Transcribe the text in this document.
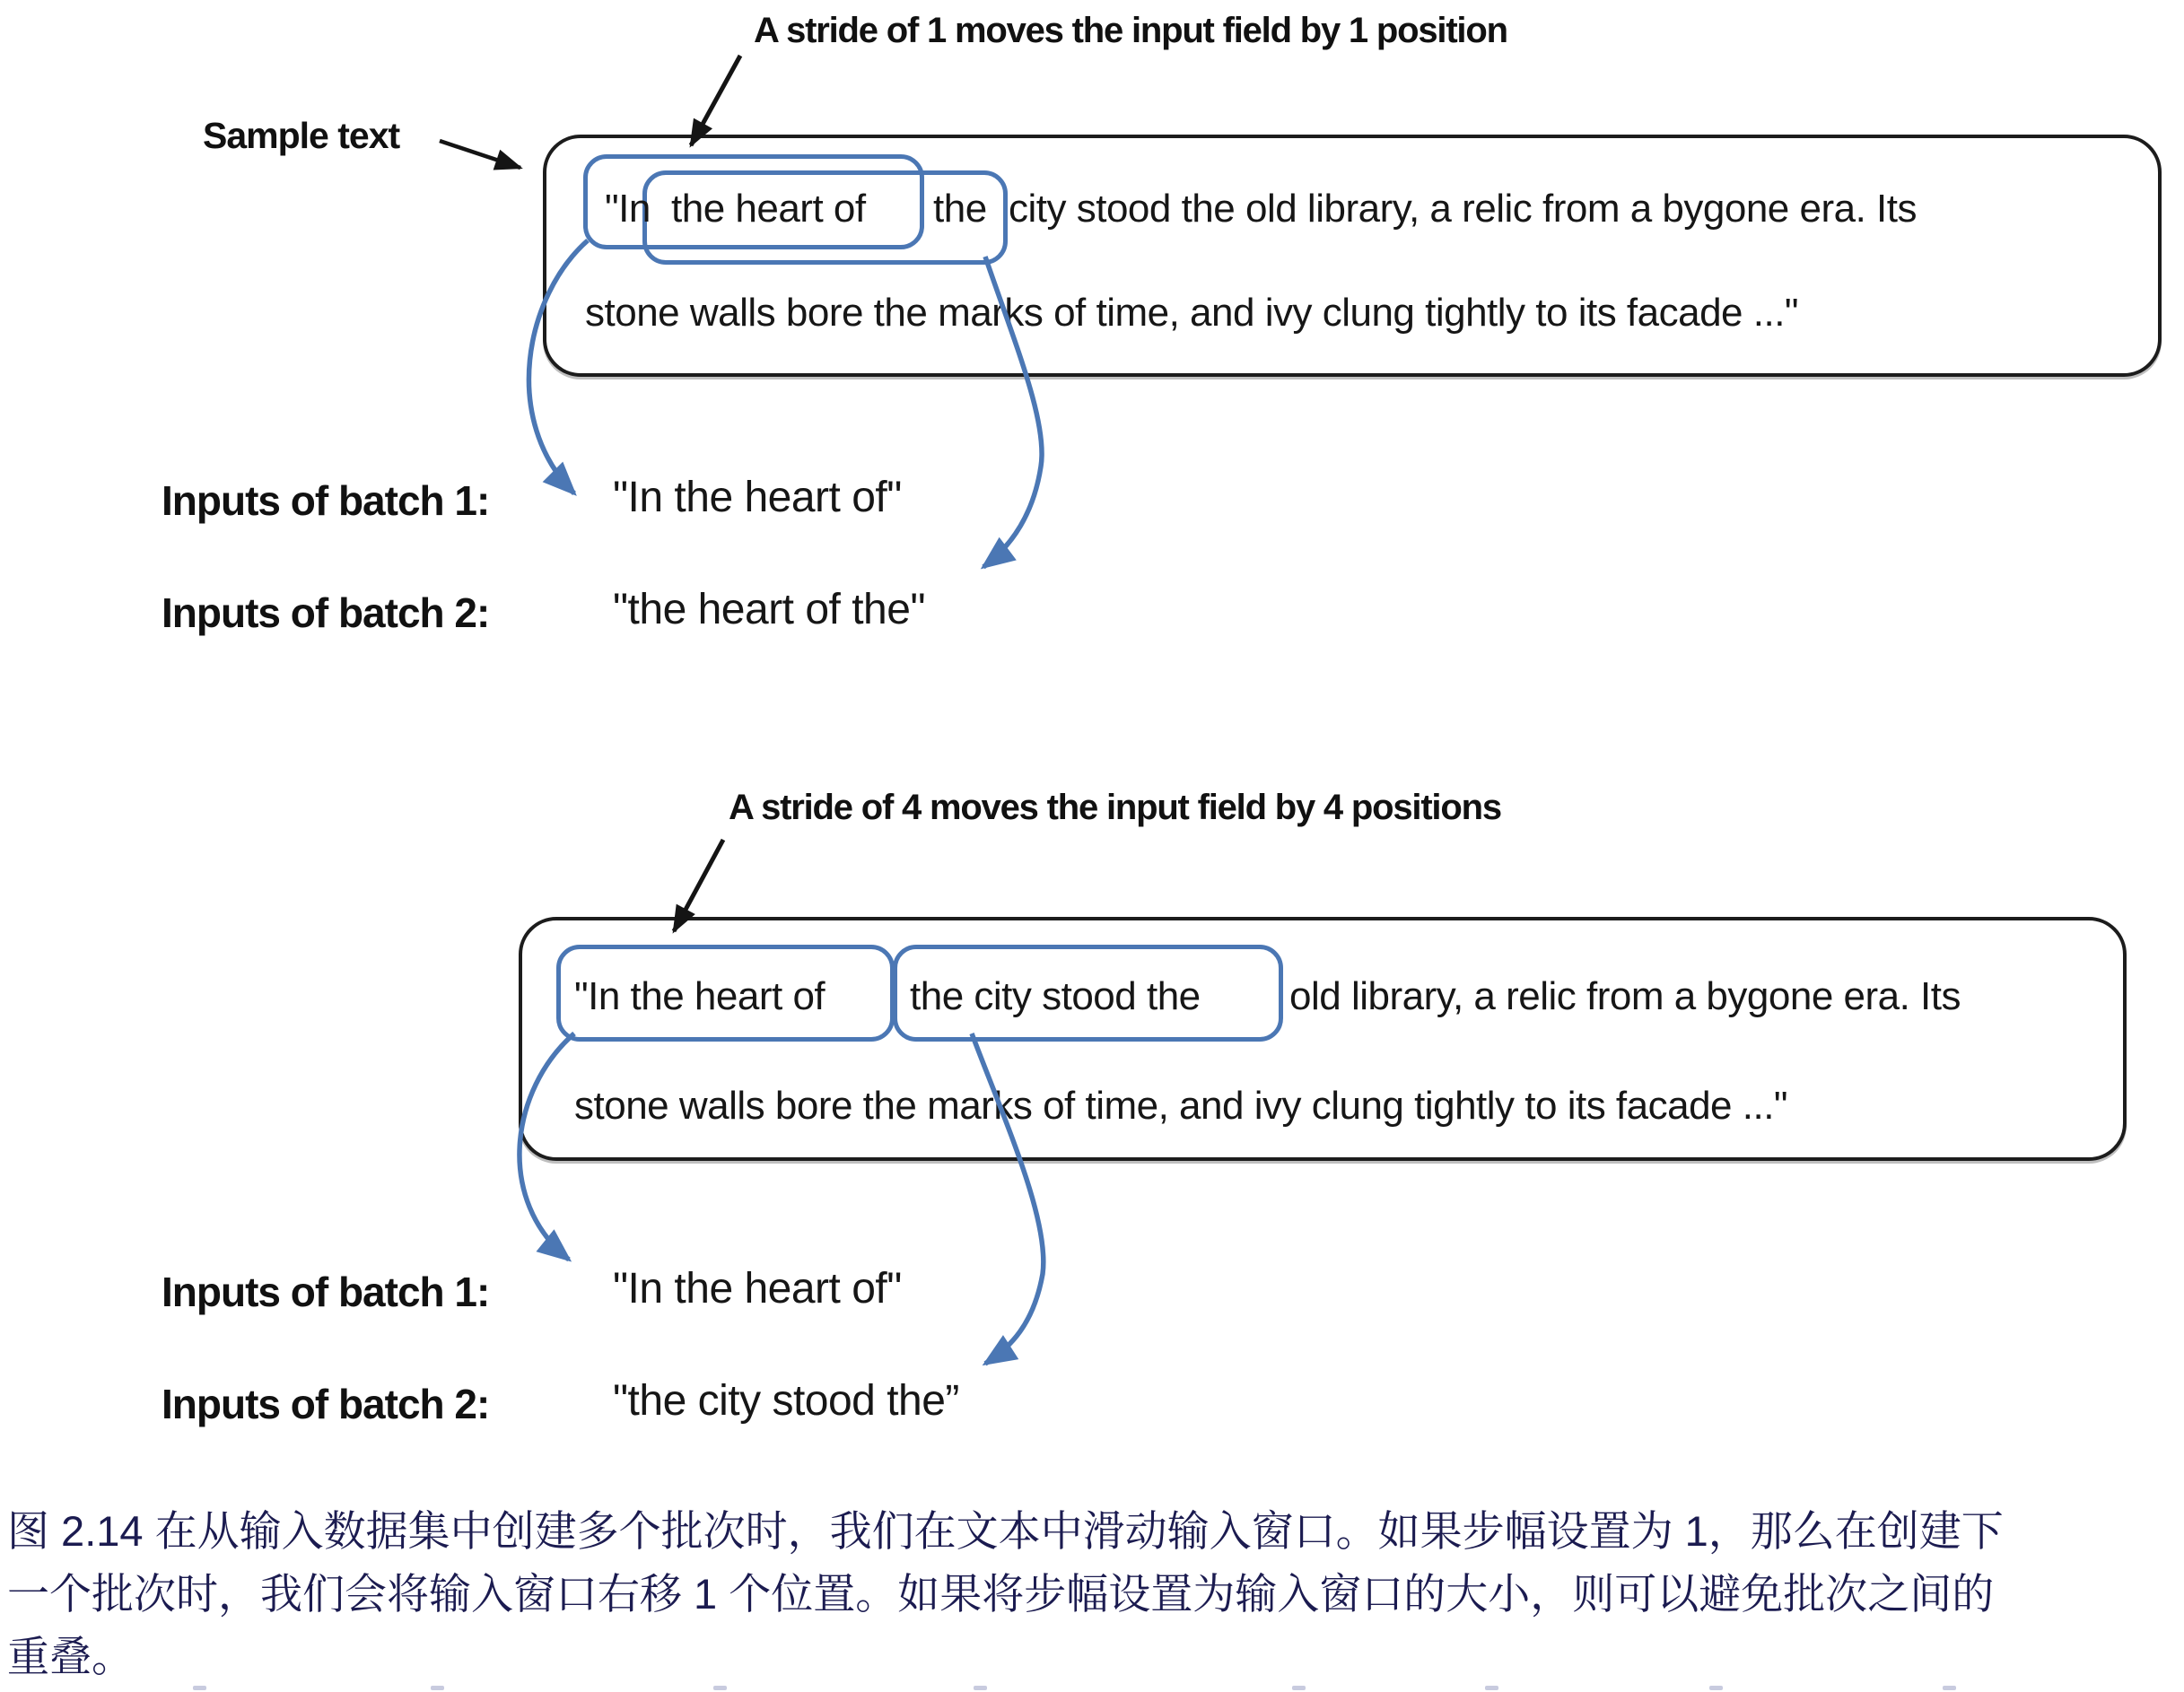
A stride of 1 moves the input field by 1 position
Sample text
"In the heart of the city stood the old library, a relic from a bygone era. Its
stone walls bore the marks of time, and ivy clung tightly to its facade ..."
Inputs of batch 1:	"In the heart of"
Inputs of batch 2:	"the heart of the"
A stride of 4 moves the input field by 4 positions
"In the heart of the city stood the old library, a relic from a bygone era. Its
stone walls bore the marks of time, and ivy clung tightly to its facade ..."
Inputs of batch 1:	"In the heart of"
Inputs of batch 2:	"the city stood the”
图 2.14 在从输入数据集中创建多个批次时，我们在文本中滑动输入窗口。如果步幅设置为 1，那么在创建下
一个批次时，我们会将输入窗口右移 1 个位置。如果将步幅设置为输入窗口的大小，则可以避免批次之间的
重叠。
